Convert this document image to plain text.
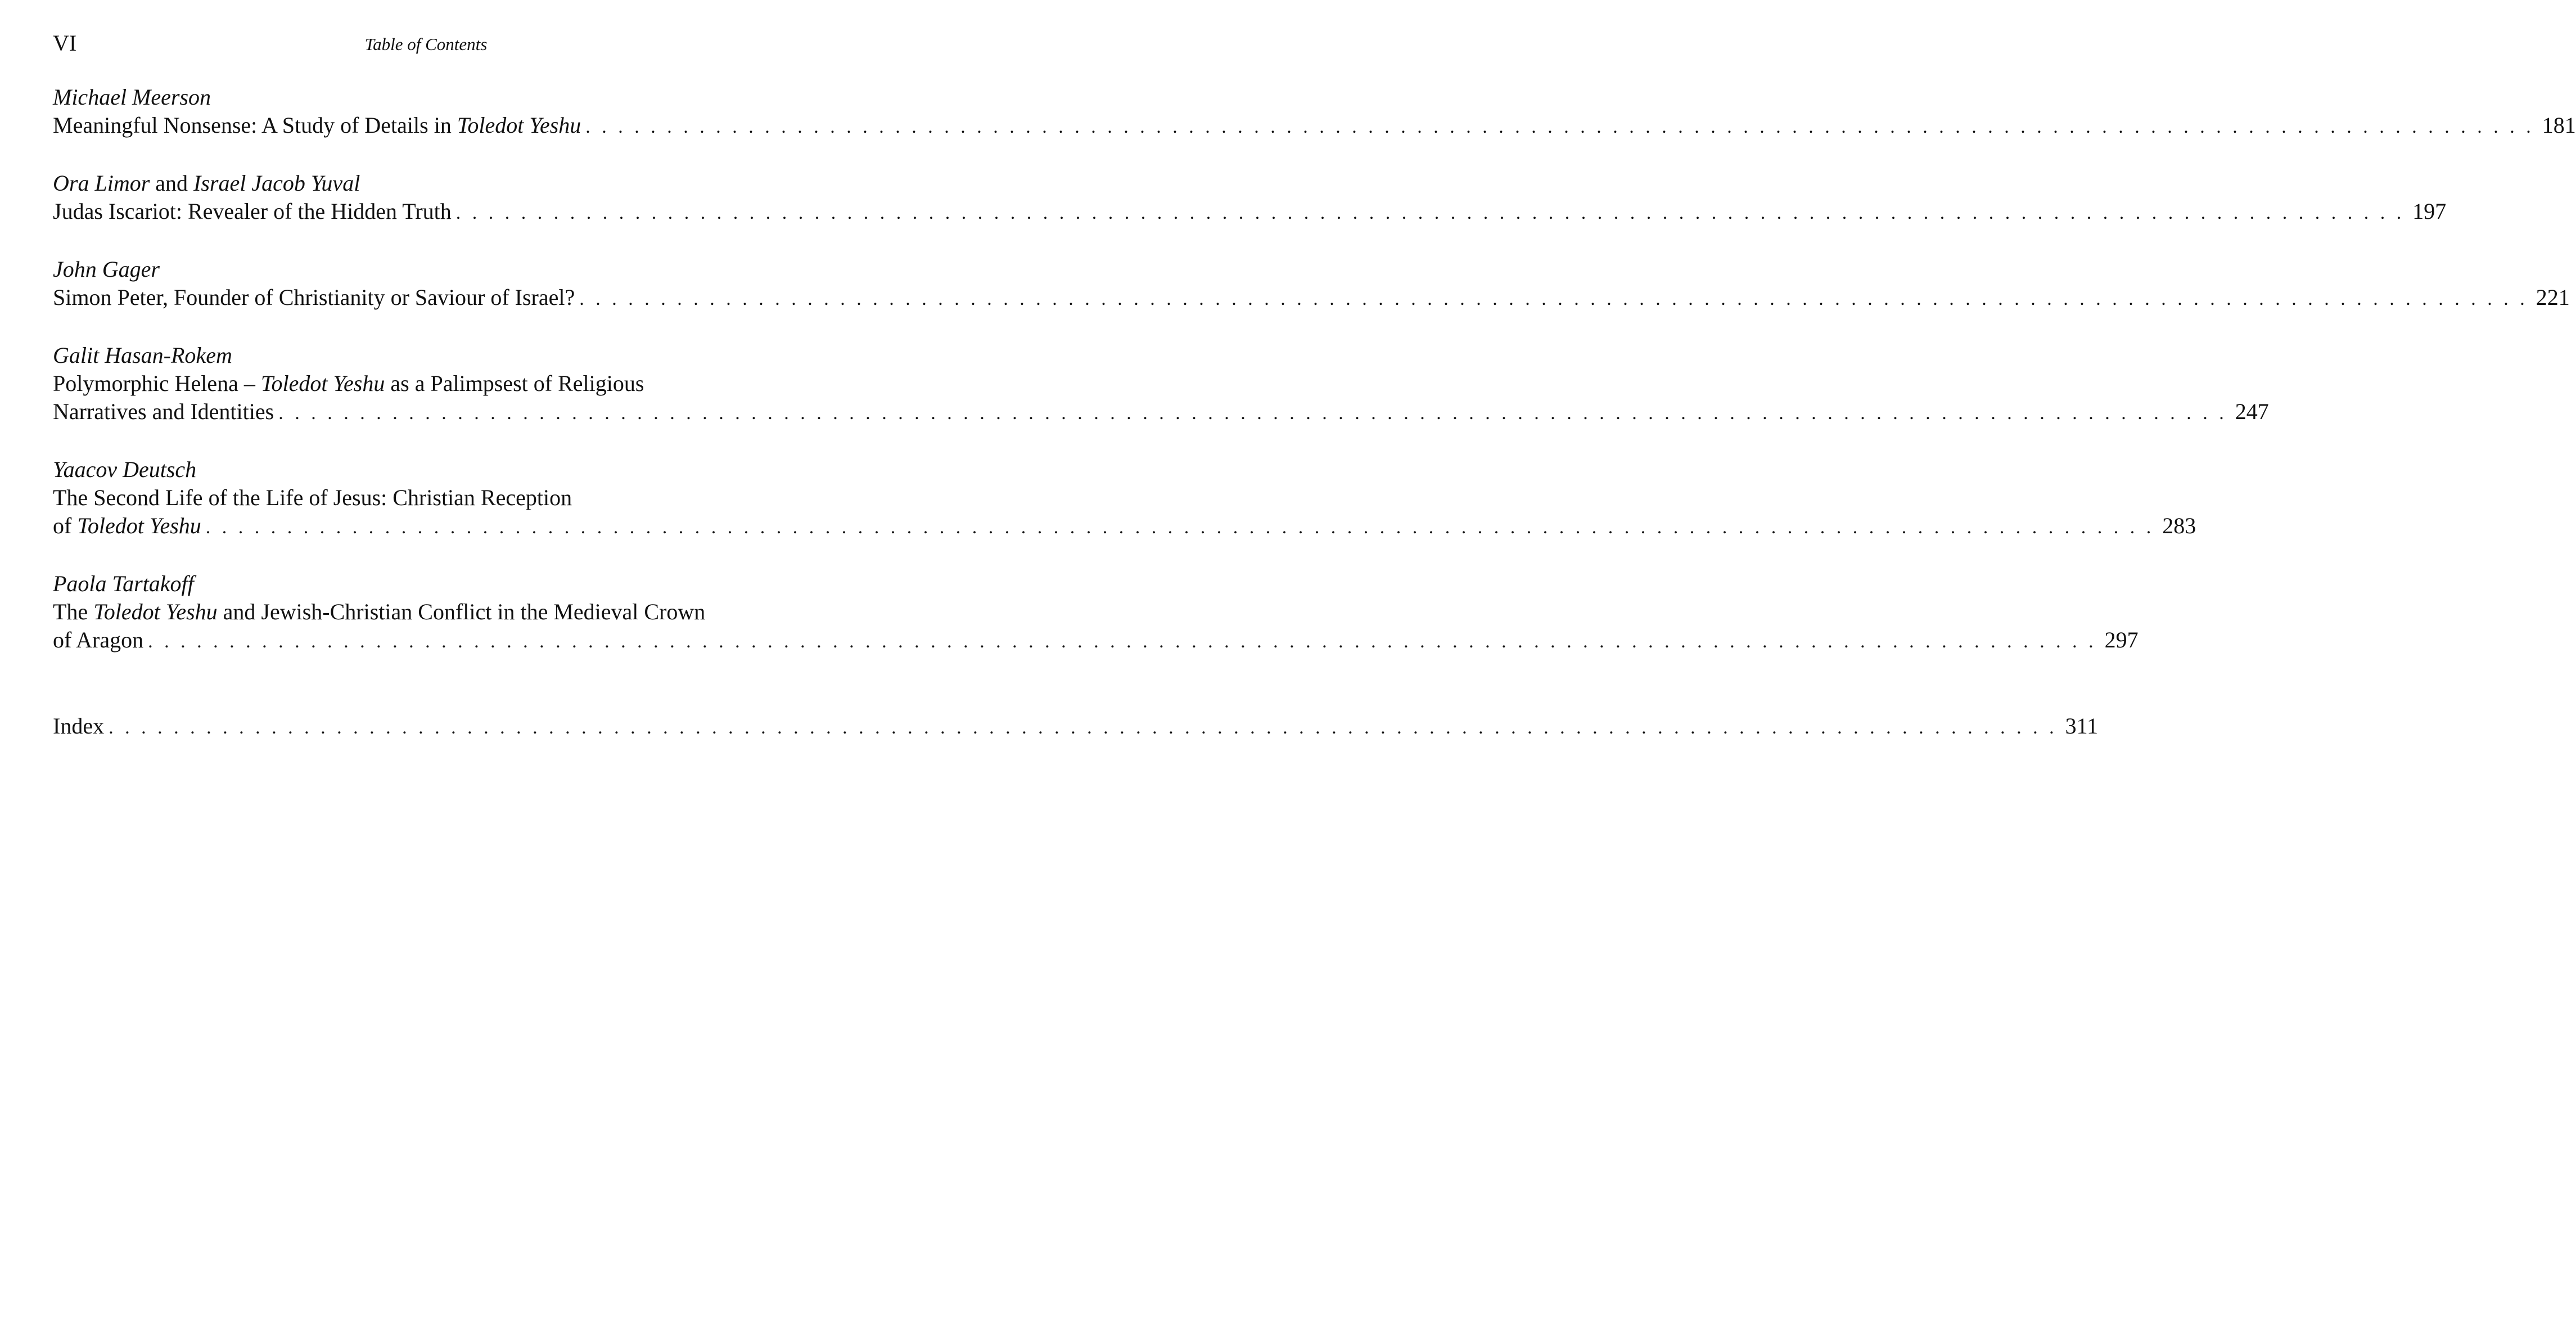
VI	Table of Contents
Michael Meerson
Meaningful Nonsense: A Study of Details in Toledot Yeshu . . . . . . . . . . . . . . . . . . . . . . . . . . . . . . . . . . . . . . . . . . . . . . . . . . . . . . . . . . . . . . . . . . . . . . . . . . . . . . . . . . . . . . . . . . . . . . . . . . . . . . . . . . . . . . . . . . . . . . . . 181
Ora Limor and Israel Jacob Yuval
Judas Iscariot: Revealer of the Hidden Truth . . . . . . . . . . . . . . . . . . . . . . . . . . . . . . . . . . . . . . . . . . . . . . . . . . . . . . . . . . . . . . . . . . . . . . . . . . . . . . . . . . . . . . . . . . . . . . . . . . . . . . . . . . . . . . . . . . . . . . . . 197
John Gager
Simon Peter, Founder of Christianity or Saviour of Israel? . . . . . . . . . . . . . . . . . . . . . . . . . . . . . . . . . . . . . . . . . . . . . . . . . . . . . . . . . . . . . . . . . . . . . . . . . . . . . . . . . . . . . . . . . . . . . . . . . . . . . . . . . . . . . . . . . . . . . . . . 221
Galit Hasan-Rokem
Polymorphic Helena – Toledot Yeshu as a Palimpsest of Religious
Narratives and Identities . . . . . . . . . . . . . . . . . . . . . . . . . . . . . . . . . . . . . . . . . . . . . . . . . . . . . . . . . . . . . . . . . . . . . . . . . . . . . . . . . . . . . . . . . . . . . . . . . . . . . . . . . . . . . . . . . . . . . . . . 247
Yaacov Deutsch
The Second Life of the Life of Jesus: Christian Reception
of Toledot Yeshu . . . . . . . . . . . . . . . . . . . . . . . . . . . . . . . . . . . . . . . . . . . . . . . . . . . . . . . . . . . . . . . . . . . . . . . . . . . . . . . . . . . . . . . . . . . . . . . . . . . . . . . . . . . . . . . . . . . . . . . . 283
Paola Tartakoff
The Toledot Yeshu and Jewish-Christian Conflict in the Medieval Crown
of Aragon . . . . . . . . . . . . . . . . . . . . . . . . . . . . . . . . . . . . . . . . . . . . . . . . . . . . . . . . . . . . . . . . . . . . . . . . . . . . . . . . . . . . . . . . . . . . . . . . . . . . . . . . . . . . . . . . . . . . . . . . 297
Index . . . . . . . . . . . . . . . . . . . . . . . . . . . . . . . . . . . . . . . . . . . . . . . . . . . . . . . . . . . . . . . . . . . . . . . . . . . . . . . . . . . . . . . . . . . . . . . . . . . . . . . . . . . . . . . . . . . . . . . . 311
